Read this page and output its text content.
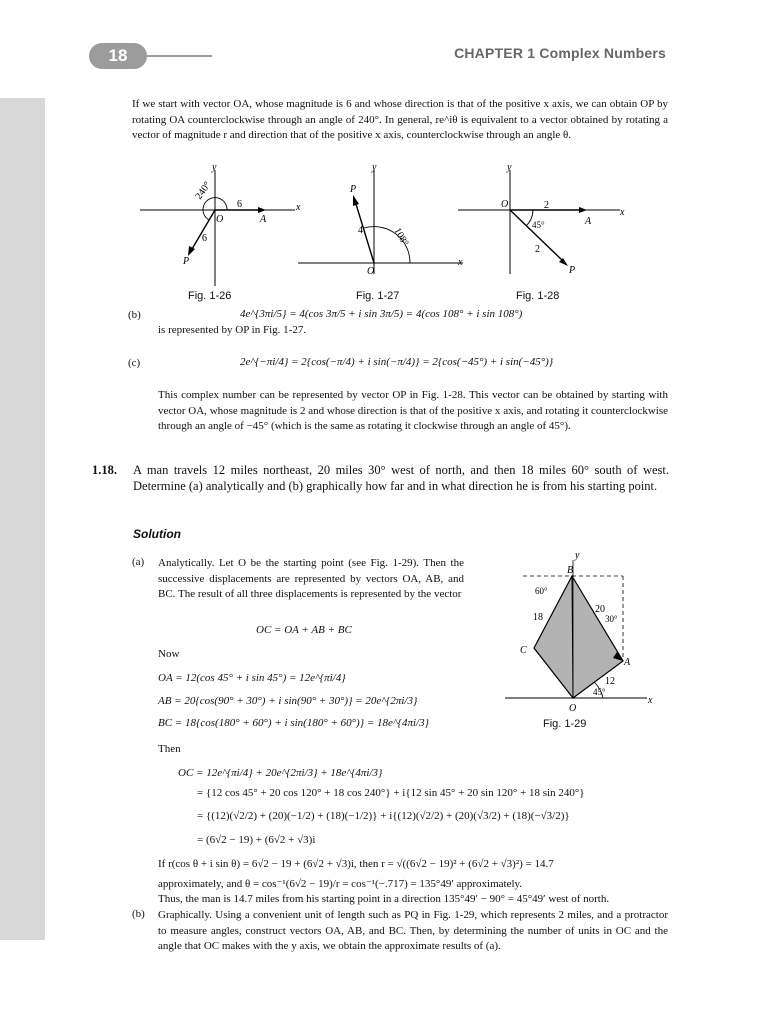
18	CHAPTER 1 Complex Numbers
If we start with vector OA, whose magnitude is 6 and whose direction is that of the positive x axis, we can obtain OP by rotating OA counterclockwise through an angle of 240°. In general, re^iθ is equivalent to a vector obtained by rotating a vector of magnitude r and direction that of the positive x axis, counterclockwise through an angle θ.
y
x
240°
O	A
P
6
6
Fig. 1-26
y
x
P
4	108°
O
Fig. 1-27
y
x
O	2
45°	A
2
P
Fig. 1-28
(b)	4e^{3πi/5} = 4(cos 3π/5 + i sin 3π/5) = 4(cos 108° + i sin 108°)
is represented by OP in Fig. 1-27.
(c)	2e^{−πi/4} = 2{cos(−π/4) + i sin(−π/4)} = 2{cos(−45°) + i sin(−45°)}
This complex number can be represented by vector OP in Fig. 1-28. This vector can be obtained by starting with vector OA, whose magnitude is 2 and whose direction is that of the positive x axis, and rotating it counterclockwise through an angle of −45° (which is the same as rotating it clockwise through an angle of 45°).
1.18. A man travels 12 miles northeast, 20 miles 30° west of north, and then 18 miles 60° south of west. Determine (a) analytically and (b) graphically how far and in what direction he is from his starting point.
Solution
(a) Analytically. Let O be the starting point (see Fig. 1-29). Then the successive displacements are represented by vectors OA, AB, and BC. The result of all three displacements is represented by the vector
OC = OA + AB + BC
Now
OA = 12(cos 45° + i sin 45°) = 12e^{πi/4}
AB = 20{cos(90° + 30°) + i sin(90° + 30°)} = 20e^{2πi/3}
BC = 18{cos(180° + 60°) + i sin(180° + 60°)} = 18e^{4πi/3}
Then
OC = 12e^{πi/4} + 20e^{2πi/3} + 18e^{4πi/3}
= {12 cos 45° + 20 cos 120° + 18 cos 240°} + i{12 sin 45° + 20 sin 120° + 18 sin 240°}
= {(12)(√2/2) + (20)(−1/2) + (18)(−1/2)} + i{(12)(√2/2) + (20)(√3/2) + (18)(−√3/2)}
= (6√2 − 19) + (6√2 + √3)i
If r(cos θ + i sin θ) = 6√2 − 19 + (6√2 + √3)i, then r = √((6√2 − 19)² + (6√2 + √3)²) = 14.7
approximately, and θ = cos⁻¹(6√2 − 19)/r = cos⁻¹(−.717) = 135°49′ approximately.
Thus, the man is 14.7 miles from his starting point in a direction 135°49′ − 90° = 45°49′ west of north.
(b) Graphically. Using a convenient unit of length such as PQ in Fig. 1-29, which represents 2 miles, and a protractor to measure angles, construct vectors OA, AB, and BC. Then, by determining the number of units in OC and the angle that OC makes with the y axis, we obtain the approximate results of (a).
y
B
60°
20
30°
18
C
A
12
45°
O
x
Fig. 1-29
